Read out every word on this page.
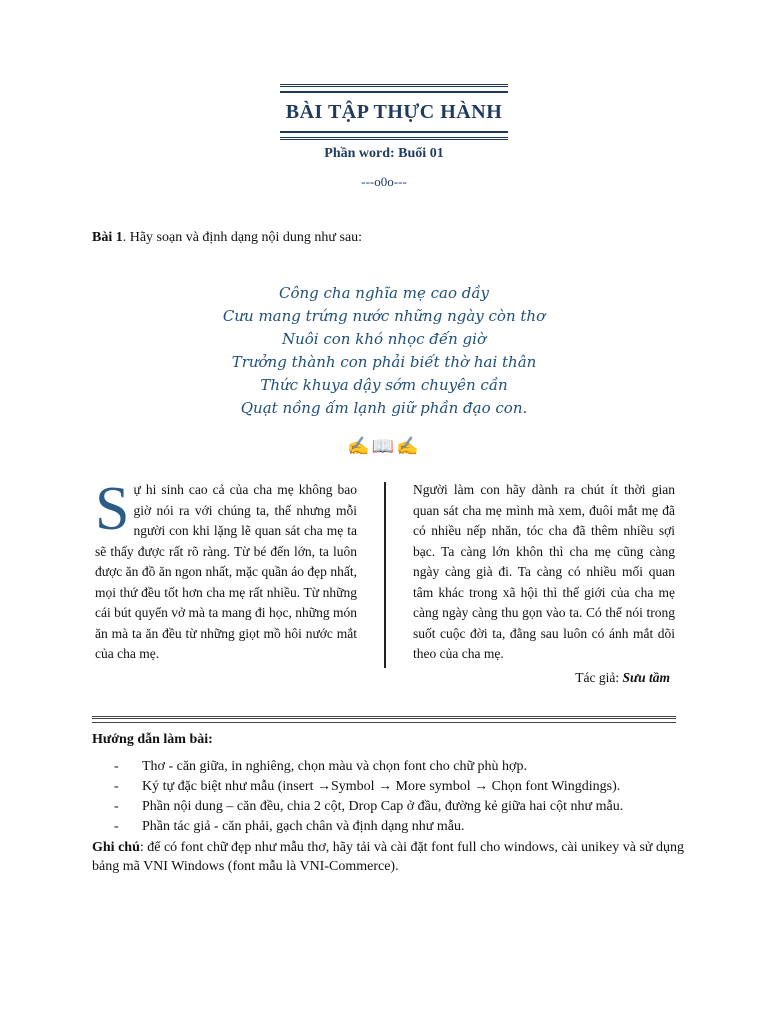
BÀI TẬP THỰC HÀNH
Phần word: Buổi 01
---o0o---
Bài 1. Hãy soạn và định dạng nội dung như sau:
Công cha nghĩa mẹ cao dầy
Cưu mang trứng nước những ngày còn thơ
Nuôi con khó nhọc đến giờ
Trưởng thành con phải biết thờ hai thân
Thức khuya dậy sớm chuyên cần
Quạt nồng ấm lạnh giữ phần đạo con.
✍📖✍
Sự hi sinh cao cả của cha mẹ không bao giờ nói ra với chúng ta, thế nhưng mỗi người con khi lặng lẽ quan sát cha mẹ ta sẽ thấy được rất rõ ràng. Từ bé đến lớn, ta luôn được ăn đồ ăn ngon nhất, mặc quần áo đẹp nhất, mọi thứ đều tốt hơn cha mẹ rất nhiều. Từ những cái bút quyển vở mà ta mang đi học, những món ăn mà ta ăn đều từ những giọt mồ hôi nước mắt của cha mẹ.
Người làm con hãy dành ra chút ít thời gian quan sát cha mẹ mình mà xem, đuôi mắt mẹ đã có nhiều nếp nhăn, tóc cha đã thêm nhiều sợi bạc. Ta càng lớn khôn thì cha mẹ cũng càng ngày càng già đi. Ta càng có nhiều mối quan tâm khác trong xã hội thì thế giới của cha mẹ càng ngày càng thu gọn vào ta. Có thể nói trong suốt cuộc đời ta, đằng sau luôn có ánh mắt dõi theo của cha mẹ.
Tác giả: Sưu tầm
Hướng dẫn làm bài:
- Thơ - căn giữa, in nghiêng, chọn màu và chọn font cho chữ phù hợp.
- Ký tự đặc biệt như mẫu (insert →Symbol → More symbol → Chọn font Wingdings).
- Phần nội dung – căn đều, chia 2 cột, Drop Cap ở đầu, đường kẻ giữa hai cột như mẫu.
- Phần tác giả - căn phải, gạch chân và định dạng như mẫu.
Ghi chú: để có font chữ đẹp như mẫu thơ, hãy tải và cài đặt font full cho windows, cài unikey và sử dụng bảng mã VNI Windows (font mẫu là VNI-Commerce).
